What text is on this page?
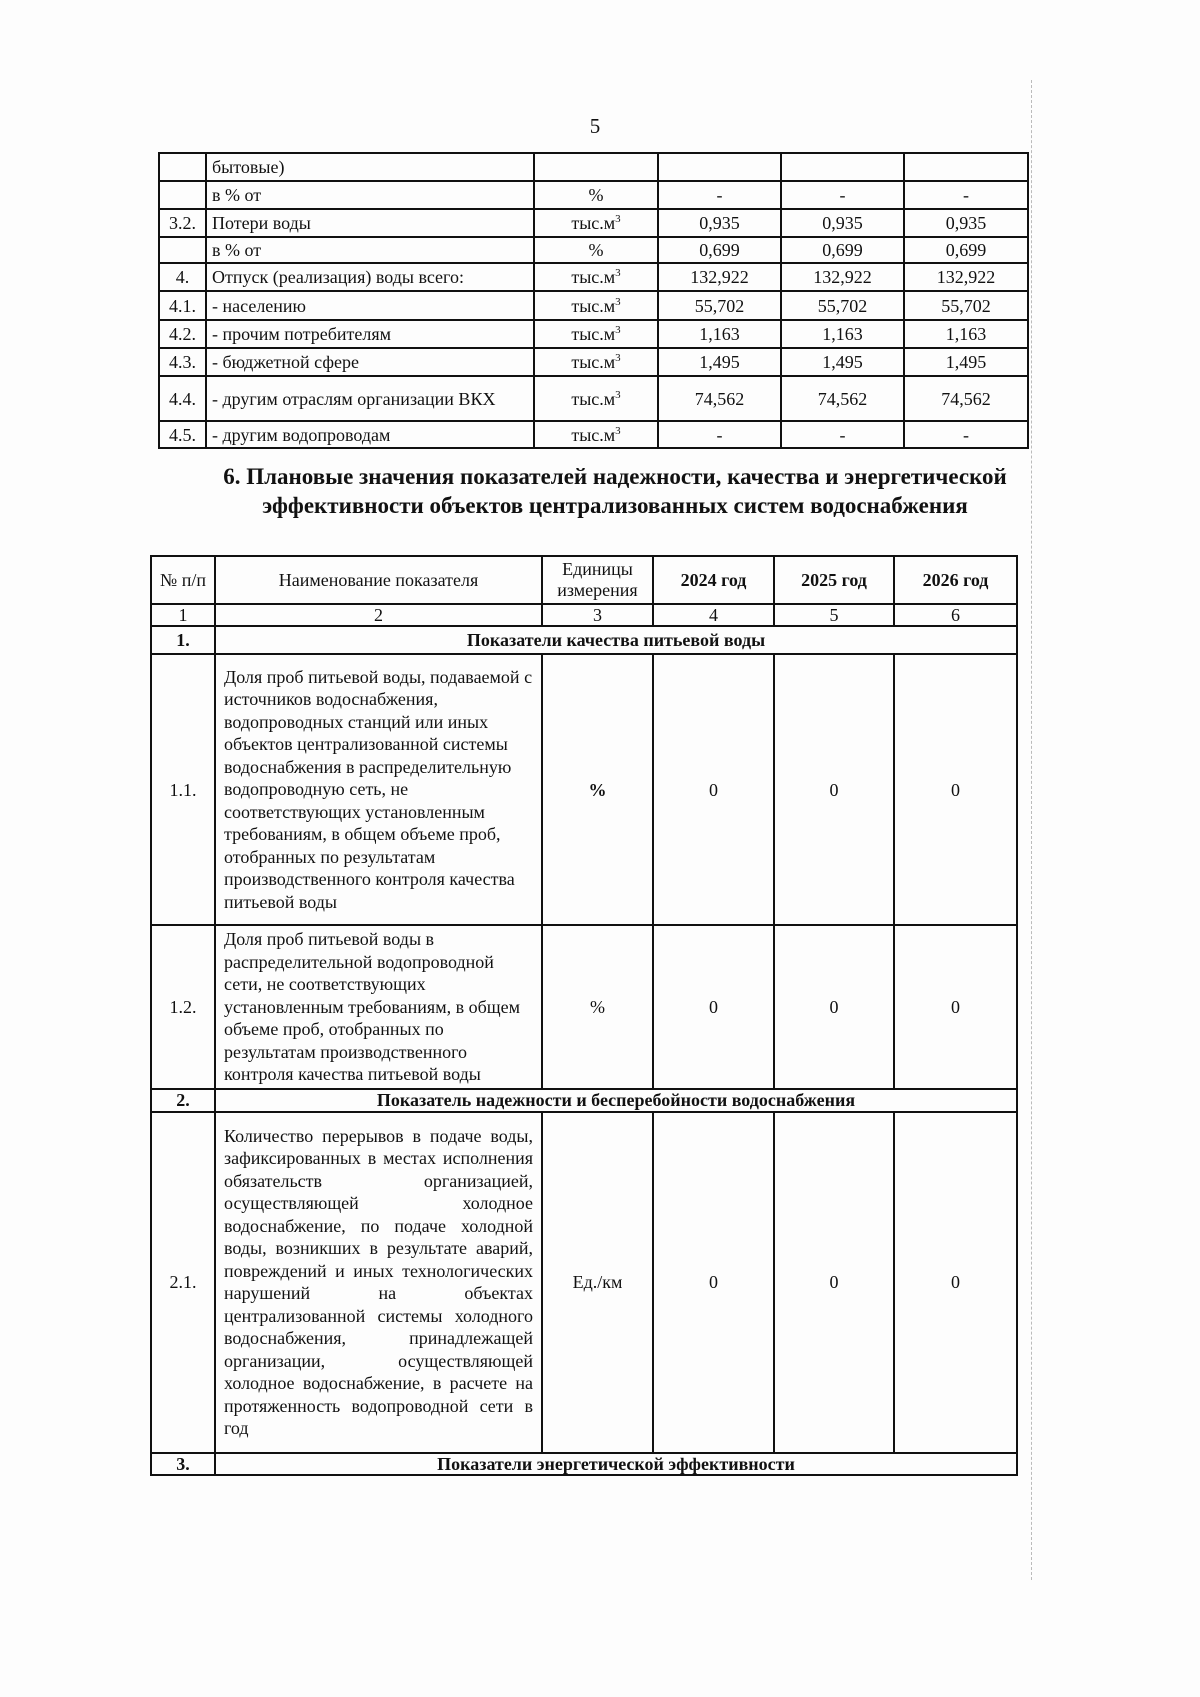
5
	бытовые)				
	в % от	%	-	-	-
3.2.	Потери воды	$тыс.м^3$	0,935	0,935	0,935
	в % от	%	0,699	0,699	0,699
4.	Отпуск (реализация) воды всего:	$тыс.м^3$	132,922	132,922	132,922
4.1.	- населению	$тыс.м^3$	55,702	55,702	55,702
4.2.	- прочим потребителям	$тыс.м^3$	1,163	1,163	1,163
4.3.	- бюджетной сфере	$тыс.м^3$	1,495	1,495	1,495
4.4.	- другим отраслям организации ВКХ	$тыс.м^3$	74,562	74,562	74,562
4.5.	- другим водопроводам	$тыс.м^3$	-	-	-
6. Плановые значения показателей надежности, качества и энергетической эффективности объектов централизованных систем водоснабжения
№ п/п	Наименование показателя	Единицы измерения	2024 год	2025 год	2026 год
1	2	3	4	5	6
1.	Показатели качества питьевой воды				
1.1.	Доля проб питьевой воды, подаваемой с источников водоснабжения, водопроводных станций или иных объектов централизованной системы водоснабжения в распределительную водопроводную сеть, не соответствующих установленным требованиям, в общем объеме проб, отобранных по результатам производственного контроля качества питьевой воды	%	0	0	0
1.2.	Доля проб питьевой воды в распределительной водопроводной сети, не соответствующих установленным требованиям, в общем объеме проб, отобранных по результатам производственного контроля качества питьевой воды	%	0	0	0
2.	Показатель надежности и бесперебойности водоснабжения				
2.1.	Количество перерывов в подаче воды, зафиксированных в местах исполнения обязательств организацией, осуществляющей холодное водоснабжение, по подаче холодной воды, возникших в результате аварий, повреждений и иных технологических нарушений на объектах централизованной системы холодного водоснабжения, принадлежащей организации, осуществляющей холодное водоснабжение, в расчете на протяженность водопроводной сети в год	Ед./км	0	0	0
3.	Показатели энергетической эффективности				
